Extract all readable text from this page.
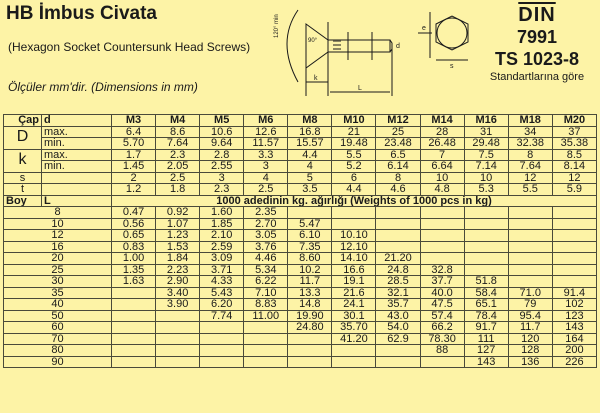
HB İmbus Civata
(Hexagon Socket Countersunk Head Screws)
Ölçüler mm'dir. (Dimensions in mm)
120° min
90°
e
d
s
L
k
$\overline{DIN}$
7991
TS 1023-8
Standartlarına göre
Çap	d	M3	M4	M5	M6	M8	M10	M12	M14	M16	M18	M20
D	max.	6.4	8.6	10.6	12.6	16.8	21	25	28	31	34	37
	min.	5.70	7.64	9.64	11.57	15.57	19.48	23.48	26.48	29.48	32.38	35.38
k	max.	1.7	2.3	2.8	3.3	4.4	5.5	6.5	7	7.5	8	8.5
	min.	1.45	2.05	2.55	3	4	5.2	6.14	6.64	7.14	7.64	8.14
s		2	2.5	3	4	5	6	8	10	10	12	12
t		1.2	1.8	2.3	2.5	3.5	4.4	4.6	4.8	5.3	5.5	5.9
Boy	L	1000 adedinin kg. ağırlığı (Weights of 1000 pcs in kg)										
8		0.47	0.92	1.60	2.35							
10		0.56	1.07	1.85	2.70	5.47						
12		0.65	1.23	2.10	3.05	6.10	10.10					
16		0.83	1.53	2.59	3.76	7.35	12.10					
20		1.00	1.84	3.09	4.46	8.60	14.10	21.20				
25		1.35	2.23	3.71	5.34	10.2	16.6	24.8	32.8			
30		1.63	2.90	4.33	6.22	11.7	19.1	28.5	37.7	51.8		
35			3.40	5.43	7.10	13.3	21.6	32.1	40.0	58.4	71.0	91.4
40			3.90	6.20	8.83	14.8	24.1	35.7	47.5	65.1	79	102
50				7.74	11.00	19.90	30.1	43.0	57.4	78.4	95.4	123
60						24.80	35.70	54.0	66.2	91.7	11.7	143
70							41.20	62.9	78.30	111	120	164
80									88	127	128	200
90										143	136	226
